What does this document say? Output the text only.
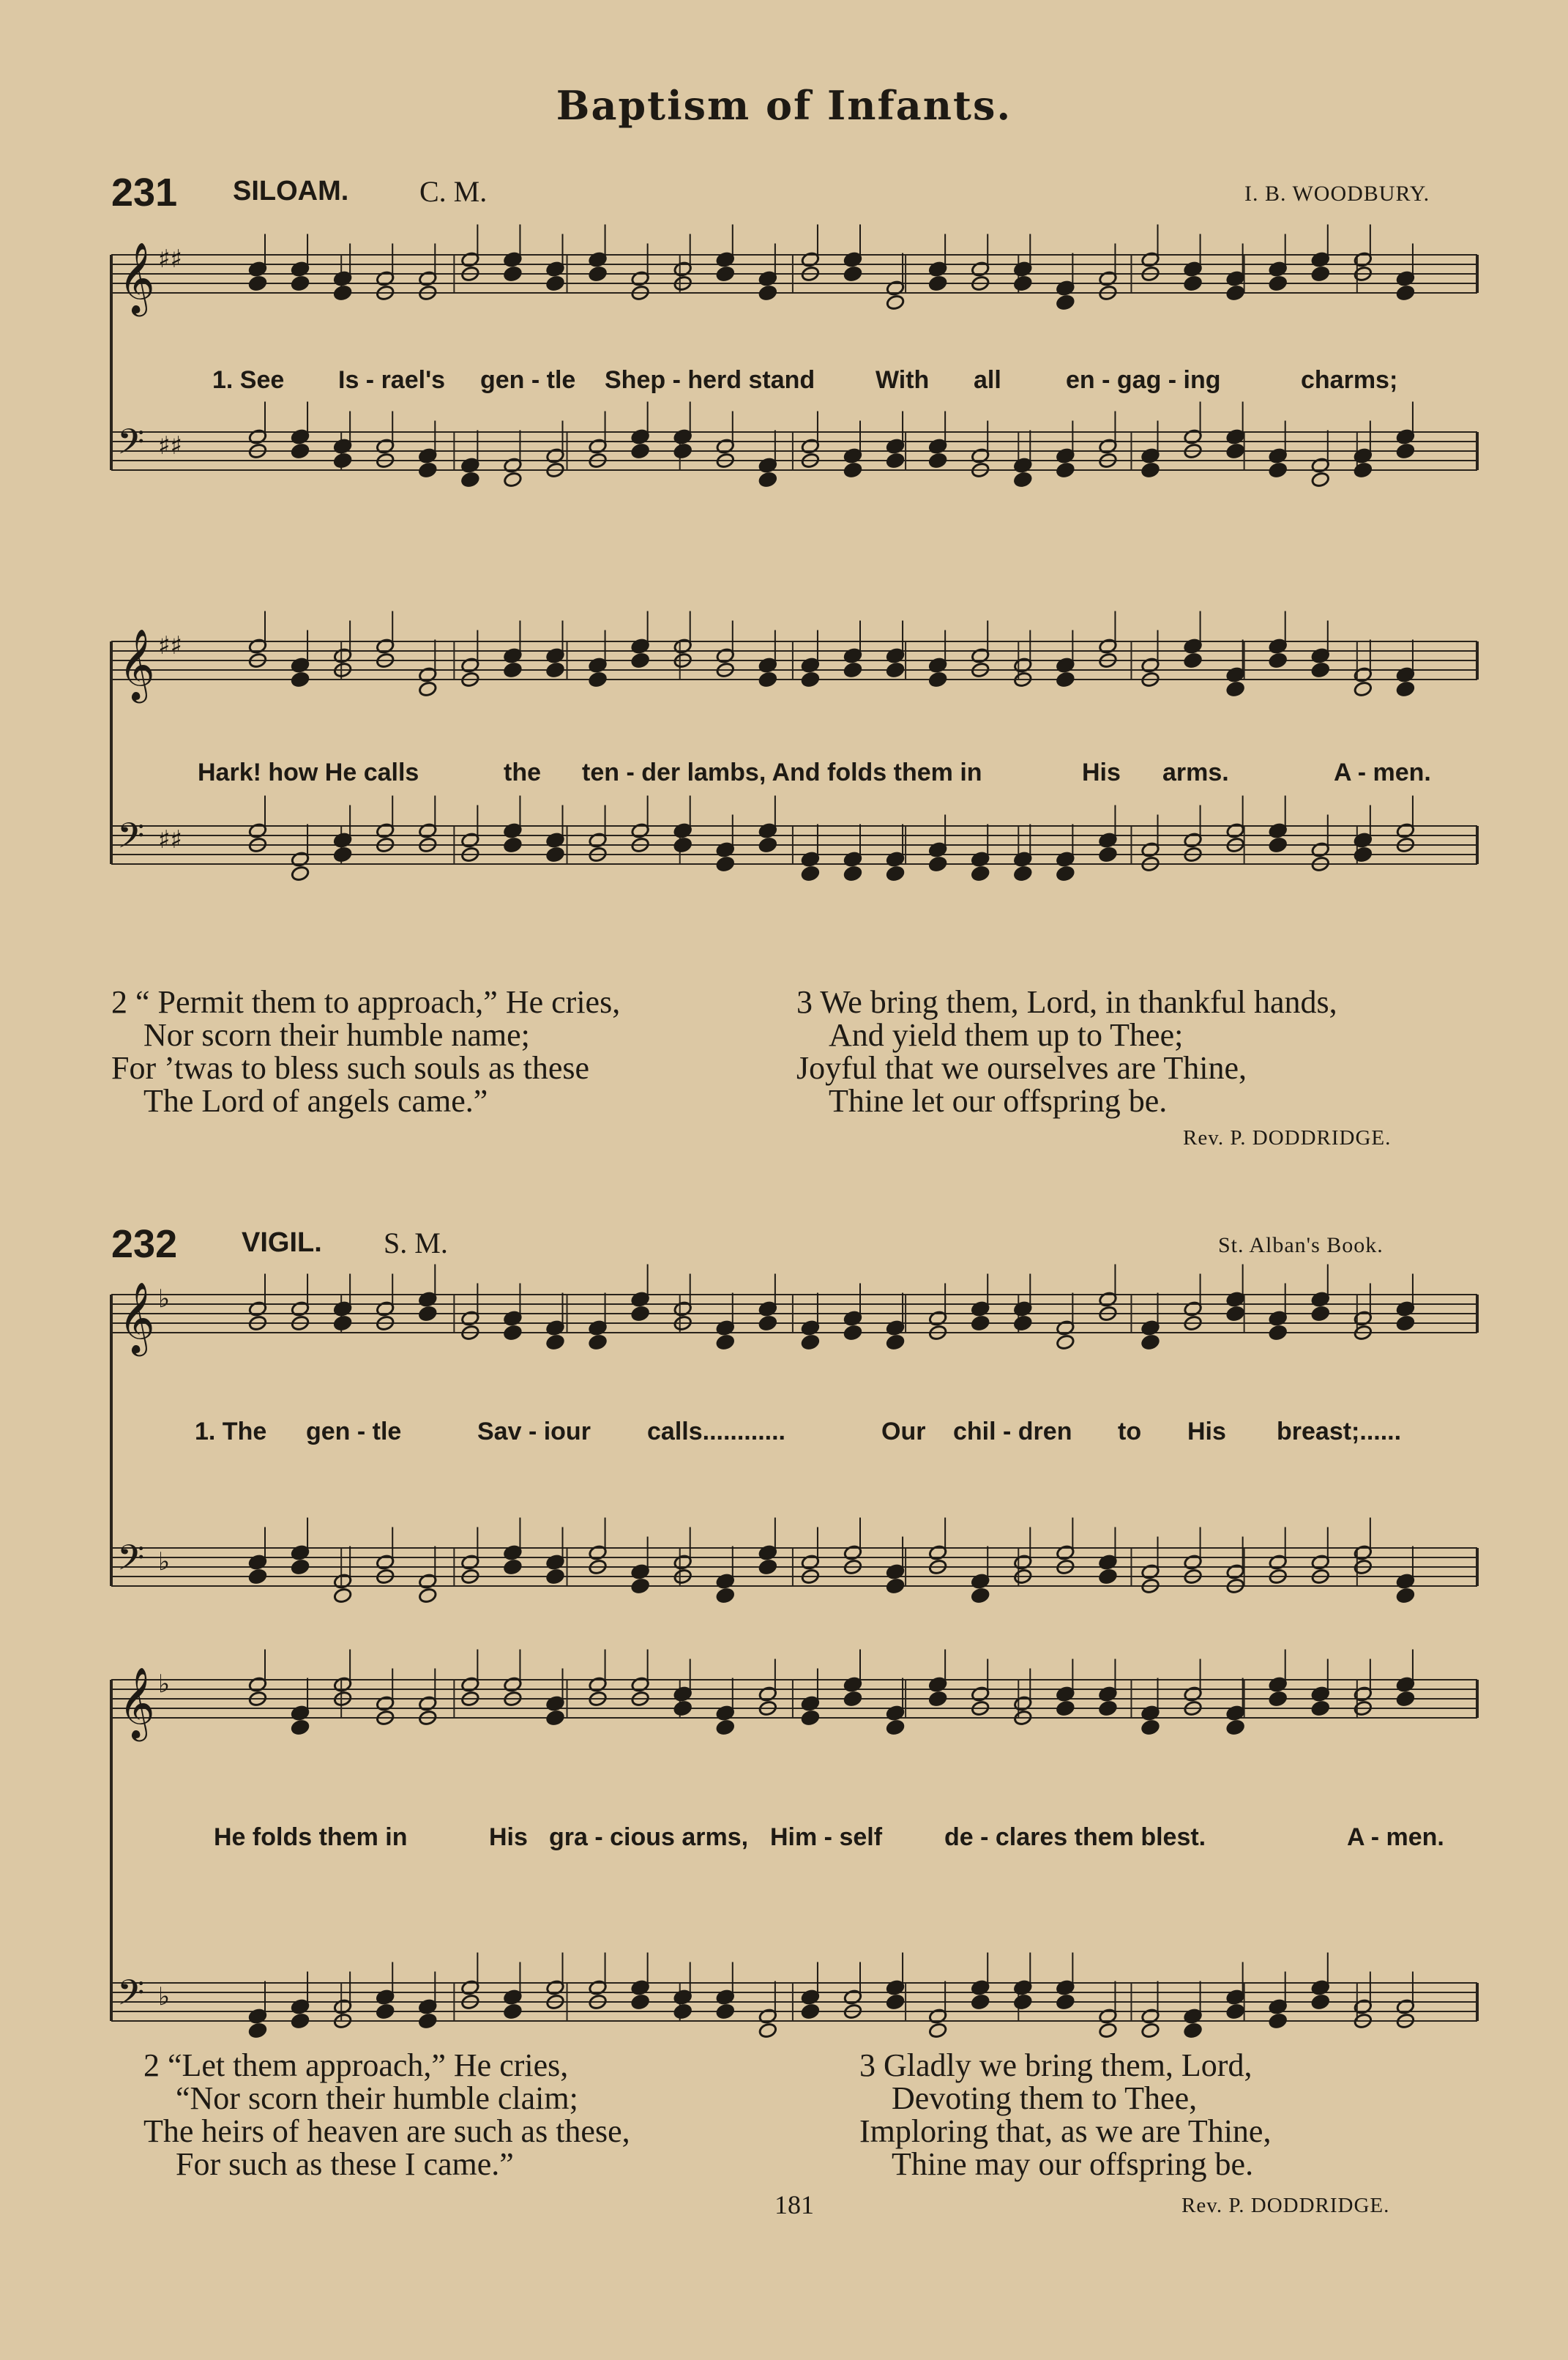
Baptism of Infants.
231 SILOAM. C. M.	I. B. WOODBURY.
𝄞
𝄢
♯♯
♯♯
𝄞
𝄢
♯♯
♯♯
1. See Is - rael's gen - tle Shep - herd stand With all	en - gag - ing	charms;
Hark! how He calls	the ten - der lambs, And folds them in	His arms.	A - men.
2 “ Permit them to approach,” He cries,
Nor scorn their humble name;
For ’twas to bless such souls as these
The Lord of angels came.”
3 We bring them, Lord, in thankful hands,
And yield them up to Thee;
Joyful that we ourselves are Thine,
Thine let our offspring be.
Rev. P. DODDRIDGE.
232 VIGIL. S. M.	St. Alban's Book.
𝄞
𝄢
♭
♭
𝄞
𝄢
♭
♭
1. The gen - tle	Sav - iour calls............	Our chil - dren to His breast;......
He folds them in	His gra - cious arms, Him - self de - clares them blest.	A - men.
2 “Let them approach,” He cries,
“Nor scorn their humble claim;
The heirs of heaven are such as these,
For such as these I came.”
3 Gladly we bring them, Lord,
Devoting them to Thee,
Imploring that, as we are Thine,
Thine may our offspring be.
181	Rev. P. DODDRIDGE.
